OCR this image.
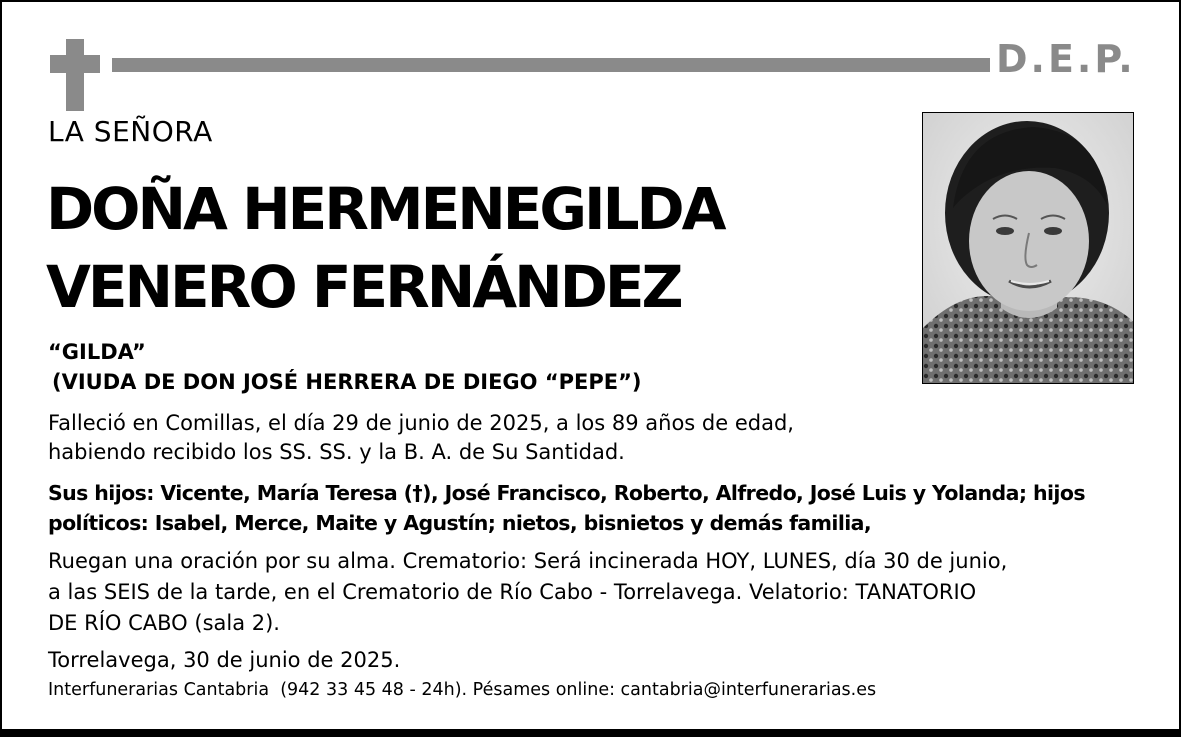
D.E.P.
LA SEÑORA
DOÑA HERMENEGILDA
VENERO FERNÁNDEZ
“GILDA”
(VIUDA DE DON JOSÉ HERRERA DE DIEGO “PEPE”)
Falleció en Comillas, el día 29 de junio de 2025, a los 89 años de edad,
habiendo recibido los SS. SS. y la B. A. de Su Santidad.
Sus hijos: Vicente, María Teresa (†), José Francisco, Roberto, Alfredo, José Luis y Yolanda; hijos
políticos: Isabel, Merce, Maite y Agustín; nietos, bisnietos y demás familia,
Ruegan una oración por su alma. Crematorio: Será incinerada HOY, LUNES, día 30 de junio,
a las SEIS de la tarde, en el Crematorio de Río Cabo - Torrelavega. Velatorio: TANATORIO
DE RÍO CABO (sala 2).
Torrelavega, 30 de junio de 2025.
Interfunerarias Cantabria  (942 33 45 48 - 24h). Pésames online: cantabria@interfunerarias.es
